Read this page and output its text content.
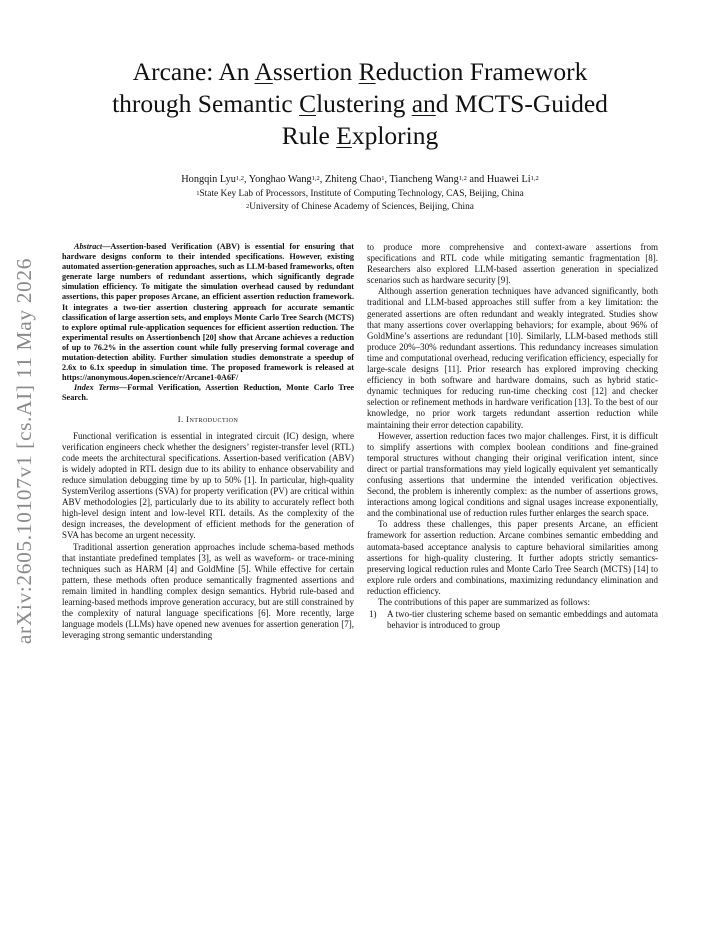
arXiv:2605.10107v1 [cs.AI] 11 May 2026
Arcane: An Assertion Reduction Framework
through Semantic Clustering and MCTS-Guided
Rule Exploring
Hongqin Lyu$^{1,2}$, Yonghao Wang$^{1,2}$, Zhiteng Chao$^1$, Tiancheng Wang$^{1,2}$ and Huawei Li$^{1,2}$
$^1$State Key Lab of Processors, Institute of Computing Technology, CAS, Beijing, China
$^2$University of Chinese Academy of Sciences, Beijing, China
Abstract—Assertion-based Verification (ABV) is essential for ensuring that hardware designs conform to their intended specifications. However, existing automated assertion-generation approaches, such as LLM-based frameworks, often generate large numbers of redundant assertions, which significantly degrade simulation efficiency. To mitigate the simulation overhead caused by redundant assertions, this paper proposes Arcane, an efficient assertion reduction framework. It integrates a two-tier assertion clustering approach for accurate semantic classification of large assertion sets, and employs Monte Carlo Tree Search (MCTS) to explore optimal rule-application sequences for efficient assertion reduction. The experimental results on Assertionbench [20] show that Arcane achieves a reduction of up to 76.2% in the assertion count while fully preserving formal coverage and mutation-detection ability. Further simulation studies demonstrate a speedup of 2.6x to 6.1x speedup in simulation time. The proposed framework is released at https://anonymous.4open.science/r/Arcane1-0A6F/
Index Terms—Formal Verification, Assertion Reduction, Monte Carlo Tree Search.
I. Introduction

Functional verification is essential in integrated circuit (IC) design, where verification engineers check whether the designers’ register-transfer level (RTL) code meets the architectural specifications. Assertion-based verification (ABV) is widely adopted in RTL design due to its ability to enhance observability and reduce simulation debugging time by up to 50% [1]. In particular, high-quality SystemVerilog assertions (SVA) for property verification (PV) are critical within ABV methodologies [2], particularly due to its ability to accurately reflect both high-level design intent and low-level RTL details. As the complexity of the design increases, the development of efficient methods for the generation of SVA has become an urgent necessity.

Traditional assertion generation approaches include schema-based methods that instantiate predefined templates [3], as well as waveform- or trace-mining techniques such as HARM [4] and GoldMine [5]. While effective for certain pattern, these methods often produce semantically fragmented assertions and remain limited in handling complex design semantics. Hybrid rule-based and learning-based methods improve generation accuracy, but are still constrained by the complexity of natural language specifications [6]. More recently, large language models (LLMs) have opened new avenues for assertion generation [7], leveraging strong semantic understanding

to produce more comprehensive and context-aware assertions from specifications and RTL code while mitigating semantic fragmentation [8]. Researchers also explored LLM-based assertion generation in specialized scenarios such as hardware security [9].

Although assertion generation techniques have advanced significantly, both traditional and LLM-based approaches still suffer from a key limitation: the generated assertions are often redundant and weakly integrated. Studies show that many assertions cover overlapping behaviors; for example, about 96% of GoldMine’s assertions are redundant [10]. Similarly, LLM-based methods still produce 20%–30% redundant assertions. This redundancy increases simulation time and computational overhead, reducing verification efficiency, especially for large-scale designs [11]. Prior research has explored improving checking efficiency in both software and hardware domains, such as hybrid static-dynamic techniques for reducing run-time checking cost [12] and checker selection or refinement methods in hardware verification [13]. To the best of our knowledge, no prior work targets redundant assertion reduction while maintaining their error detection capability.

However, assertion reduction faces two major challenges. First, it is difficult to simplify assertions with complex boolean conditions and fine-grained temporal structures without changing their original verification intent, since direct or partial transformations may yield logically equivalent yet semantically confusing assertions that undermine the intended verification objectives. Second, the problem is inherently complex: as the number of assertions grows, interactions among logical conditions and signal usages increase exponentially, and the combinational use of reduction rules further enlarges the search space.

To address these challenges, this paper presents Arcane, an efficient framework for assertion reduction. Arcane combines semantic embedding and automata-based acceptance analysis to capture behavioral similarities among assertions for high-quality clustering. It further adopts strictly semantics-preserving logical reduction rules and Monte Carlo Tree Search (MCTS) [14] to explore rule orders and combinations, maximizing redundancy elimination and reduction efficiency.

The contributions of this paper are summarized as follows:

1)	A two-tier clustering scheme based on semantic embeddings and automata behavior is introduced to group
